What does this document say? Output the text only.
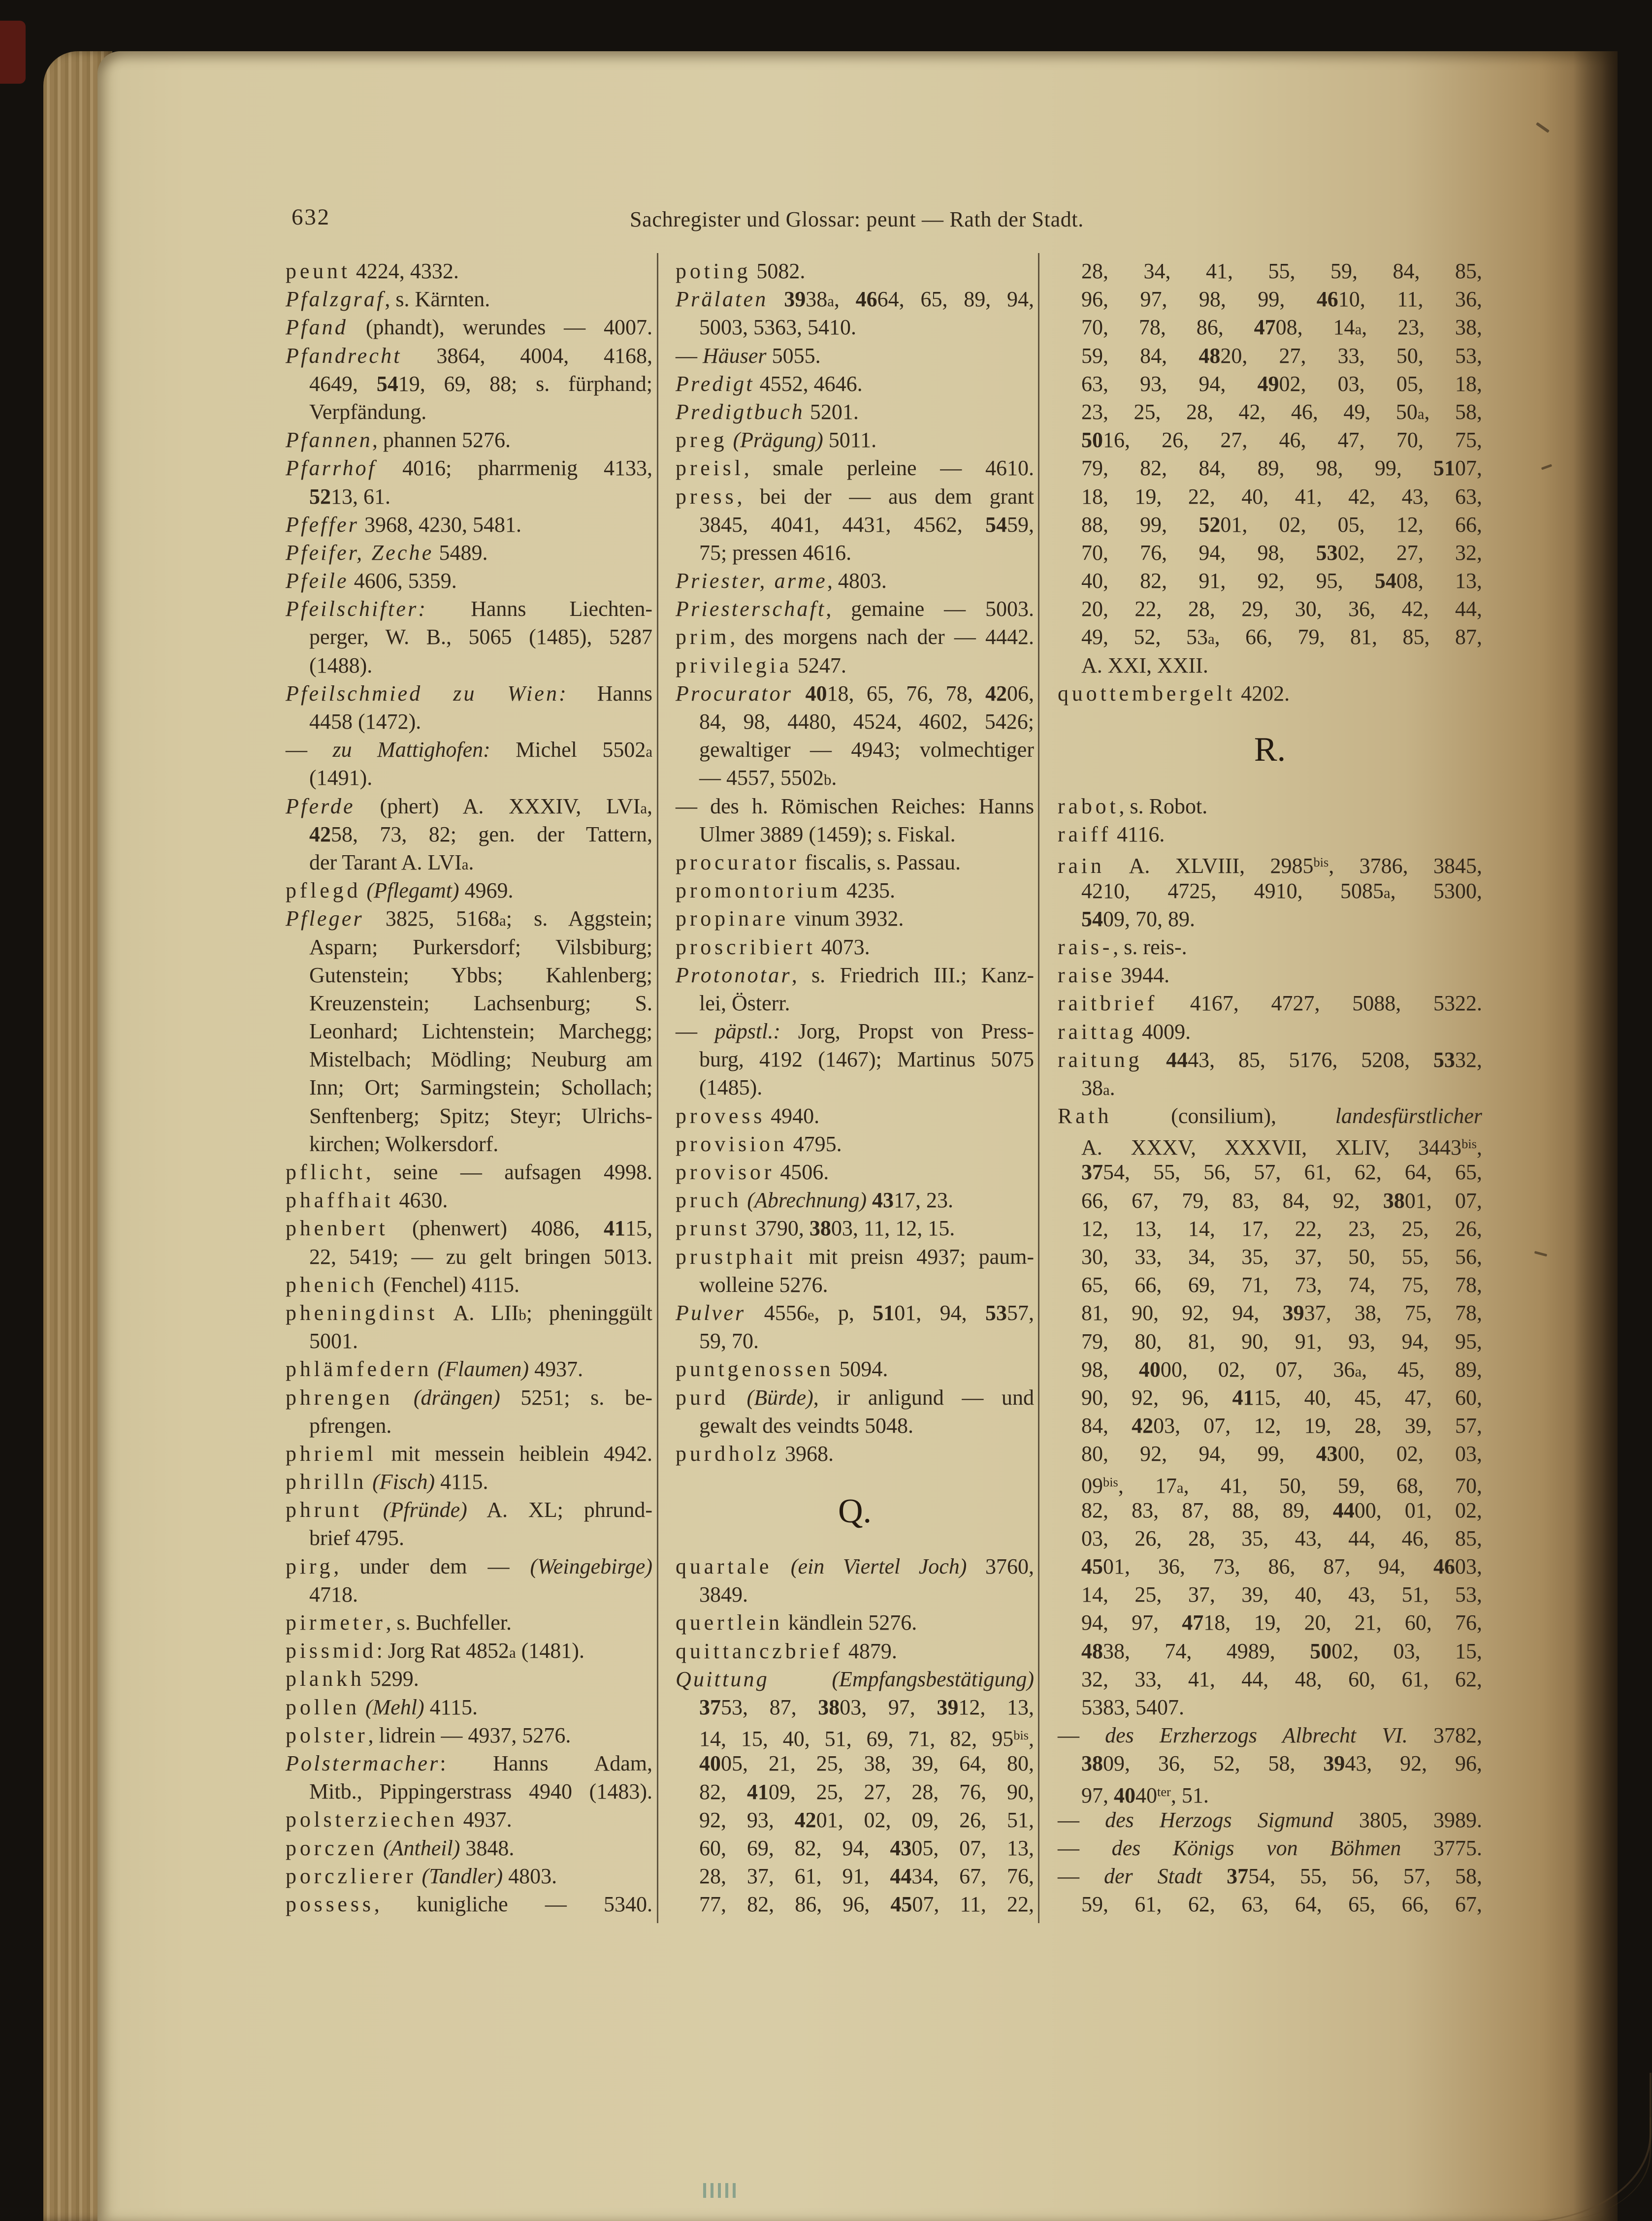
632	Sachregister und Glossar: peunt — Rath der Stadt.
peunt 4224, 4332.
Pfalzgraf, s. Kärnten.
Pfand (phandt), werundes — 4007.
Pfandrecht 3864, 4004, 4168,
4649, 5419, 69, 88; s. fürphand;
Verpfändung.
Pfannen, phannen 5276.
Pfarrhof 4016; pharrmenig 4133,
5213, 61.
Pfeffer 3968, 4230, 5481.
Pfeifer, Zeche 5489.
Pfeile 4606, 5359.
Pfeilschifter: Hanns Liechten-
perger, W. B., 5065 (1485), 5287
(1488).
Pfeilschmied zu Wien: Hanns
4458 (1472).
— zu Mattighofen: Michel 5502a
(1491).
Pferde (phert) A. XXXIV, LVIa,
4258, 73, 82; gen. der Tattern,
der Tarant A. LVIa.
pflegd (Pflegamt) 4969.
Pfleger 3825, 5168a; s. Aggstein;
Asparn; Purkersdorf; Vilsbiburg;
Gutenstein; Ybbs; Kahlenberg;
Kreuzenstein; Lachsenburg; S.
Leonhard; Lichtenstein; Marchegg;
Mistelbach; Mödling; Neuburg am
Inn; Ort; Sarmingstein; Schollach;
Senftenberg; Spitz; Steyr; Ulrichs-
kirchen; Wolkersdorf.
pflicht, seine — aufsagen 4998.
phaffhait 4630.
phenbert (phenwert) 4086, 4115,
22, 5419; — zu gelt bringen 5013.
phenich (Fenchel) 4115.
pheningdinst A. LIIb; pheninggült
5001.
phlämfedern (Flaumen) 4937.
phrengen (drängen) 5251; s. be-
pfrengen.
phrieml mit messein heiblein 4942.
phrilln (Fisch) 4115.
phrunt (Pfründe) A. XL; phrund-
brief 4795.
pirg, under dem — (Weingebirge)
4718.
pirmeter, s. Buchfeller.
pissmid: Jorg Rat 4852a (1481).
plankh 5299.
pollen (Mehl) 4115.
polster, lidrein — 4937, 5276.
Polstermacher: Hanns Adam,
Mitb., Pippingerstrass 4940 (1483).
polsterziechen 4937.
porczen (Antheil) 3848.
porczlierer (Tandler) 4803.
possess, kunigliche — 5340.
poting 5082.
Prälaten 3938a, 4664, 65, 89, 94,
5003, 5363, 5410.
— Häuser 5055.
Predigt 4552, 4646.
Predigtbuch 5201.
preg (Prägung) 5011.
preisl, smale perleine — 4610.
press, bei der — aus dem grant
3845, 4041, 4431, 4562, 5459,
75; pressen 4616.
Priester, arme, 4803.
Priesterschaft, gemaine — 5003.
prim, des morgens nach der — 4442.
privilegia 5247.
Procurator 4018, 65, 76, 78, 4206,
84, 98, 4480, 4524, 4602, 5426;
gewaltiger — 4943; volmechtiger
— 4557, 5502b.
— des h. Römischen Reiches: Hanns
Ulmer 3889 (1459); s. Fiskal.
procurator fiscalis, s. Passau.
promontorium 4235.
propinare vinum 3932.
proscribiert 4073.
Protonotar, s. Friedrich III.; Kanz-
lei, Österr.
— päpstl.: Jorg, Propst von Press-
burg, 4192 (1467); Martinus 5075
(1485).
provess 4940.
provision 4795.
provisor 4506.
pruch (Abrechnung) 4317, 23.
prunst 3790, 3803, 11, 12, 15.
prustphait mit preisn 4937; paum-
wolleine 5276.
Pulver 4556e, p, 5101, 94, 5357,
59, 70.
puntgenossen 5094.
purd (Bürde), ir anligund — und
gewalt des veindts 5048.
purdholz 3968.
Q.
quartale (ein Viertel Joch) 3760,
3849.
quertlein kändlein 5276.
quittanczbrief 4879.
Quittung	(Empfangsbestätigung)
3753, 87, 3803, 97, 3912, 13,
14, 15, 40, 51, 69, 71, 82, $95^{bis}$,
4005, 21, 25, 38, 39, 64, 80,
82, 4109, 25, 27, 28, 76, 90,
92, 93, 4201, 02, 09, 26, 51,
60, 69, 82, 94, 4305, 07, 13,
28, 37, 61, 91, 4434, 67, 76,
77, 82, 86, 96, 4507, 11, 22,
28, 34, 41, 55, 59, 84, 85,
96, 97, 98, 99, 4610, 11, 36,
70, 78, 86, 4708, 14a, 23, 38,
59, 84, 4820, 27, 33, 50, 53,
63, 93, 94, 4902, 03, 05, 18,
23, 25, 28, 42, 46, 49, 50a, 58,
5016, 26, 27, 46, 47, 70, 75,
79, 82, 84, 89, 98, 99, 5107,
18, 19, 22, 40, 41, 42, 43, 63,
88, 99, 5201, 02, 05, 12, 66,
70, 76, 94, 98, 5302, 27, 32,
40, 82, 91, 92, 95, 5408, 13,
20, 22, 28, 29, 30, 36, 42, 44,
49, 52, 53a, 66, 79, 81, 85, 87,
A. XXI, XXII.
quottembergelt 4202.
R.
rabot, s. Robot.
raiff 4116.
rain A. XLVIII, $2985^{bis}$, 3786, 3845,
4210, 4725, 4910, 5085a, 5300,
5409, 70, 89.
rais-, s. reis-.
raise 3944.
raitbrief 4167, 4727, 5088, 5322.
raittag 4009.
raitung 4443, 85, 5176, 5208, 5332,
38a.
Rath (consilium), landesfürstlicher
A. XXXV, XXXVII, XLIV, $3443^{bis}$,
3754, 55, 56, 57, 61, 62, 64, 65,
66, 67, 79, 83, 84, 92, 3801, 07,
12, 13, 14, 17, 22, 23, 25, 26,
30, 33, 34, 35, 37, 50, 55, 56,
65, 66, 69, 71, 73, 74, 75, 78,
81, 90, 92, 94, 3937, 38, 75, 78,
79, 80, 81, 90, 91, 93, 94, 95,
98, 4000, 02, 07, 36a, 45, 89,
90, 92, 96, 4115, 40, 45, 47, 60,
84, 4203, 07, 12, 19, 28, 39, 57,
80, 92, 94, 99, 4300, 02, 03,
$09^{bis}$, 17a, 41, 50, 59, 68, 70,
82, 83, 87, 88, 89, 4400, 01, 02,
03, 26, 28, 35, 43, 44, 46, 85,
4501, 36, 73, 86, 87, 94, 4603,
14, 25, 37, 39, 40, 43, 51, 53,
94, 97, 4718, 19, 20, 21, 60, 76,
4838, 74, 4989, 5002, 03, 15,
32, 33, 41, 44, 48, 60, 61, 62,
5383, 5407.
— des Erzherzogs Albrecht VI. 3782,
3809, 36, 52, 58, 3943, 92, 96,
97, $4040^{ter}$, 51.
— des Herzogs Sigmund 3805, 3989.
— des Königs von Böhmen 3775.
— der Stadt 3754, 55, 56, 57, 58,
59, 61, 62, 63, 64, 65, 66, 67,
